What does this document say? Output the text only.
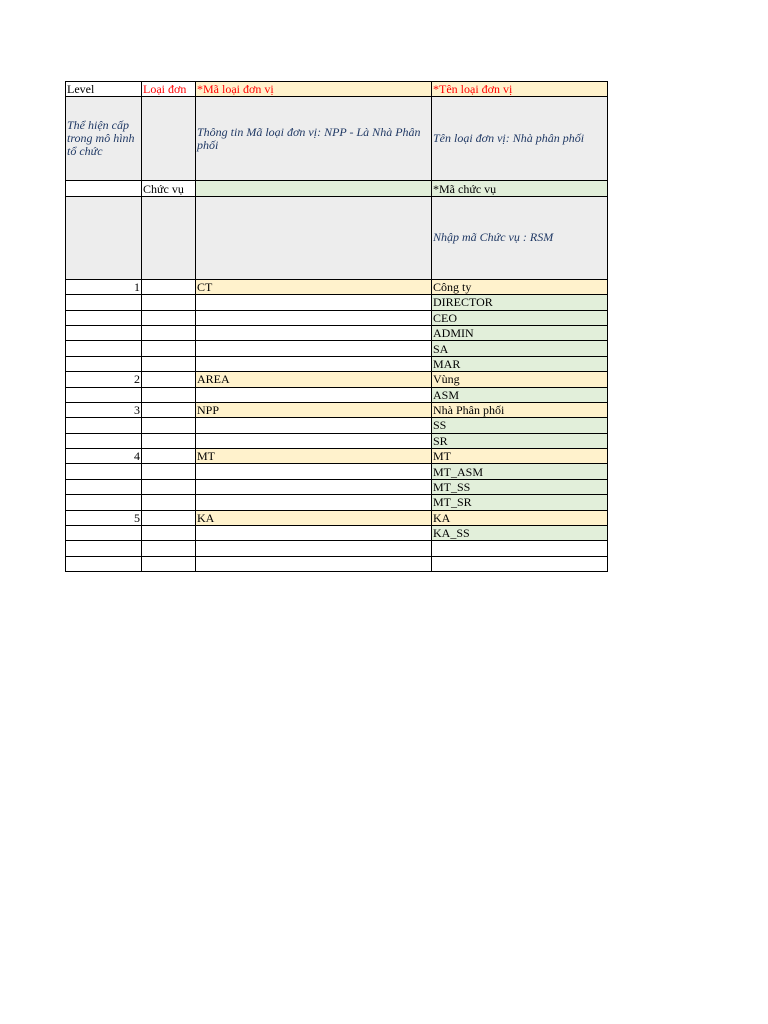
Level	Loại đơn	*Mã loại đơn vị	*Tên loại đơn vị
Thể hiện cấp trong mô hình tổ chức		Thông tin Mã loại đơn vị: NPP - Là Nhà Phân phối	Tên loại đơn vị: Nhà phân phối
	Chức vụ		*Mã chức vụ
			Nhập mã Chức vụ : RSM
1		CT	Công ty
			DIRECTOR
			CEO
			ADMIN
			SA
			MAR
2		AREA	Vùng
			ASM
3		NPP	Nhà Phân phối
			SS
			SR
4		MT	MT
			MT_ASM
			MT_SS
			MT_SR
5		KA	KA
			KA_SS
